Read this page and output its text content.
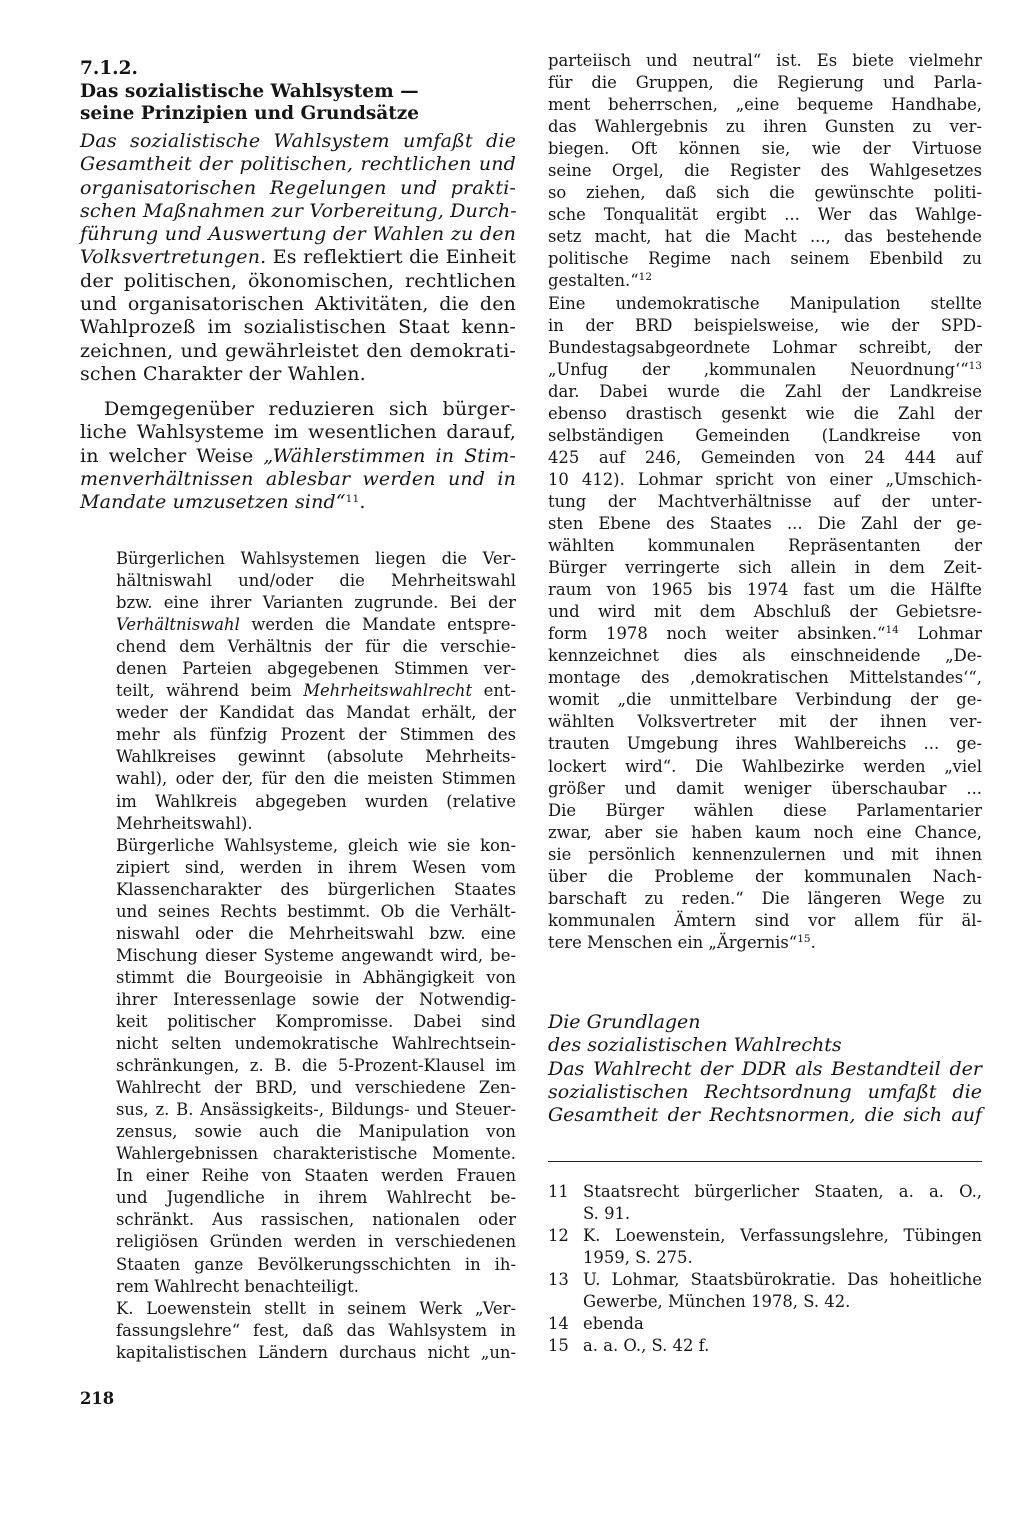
7.1.2.
Das sozialistische Wahlsystem —
seine Prinzipien und Grundsätze
Das sozialistische Wahlsystem umfaßt die
Gesamtheit der politischen, rechtlichen und
organisatorischen Regelungen und prakti-
schen Maßnahmen zur Vorbereitung, Durch-
führung und Auswertung der Wahlen zu den
Volksvertretungen. Es reflektiert die Einheit
der politischen, ökonomischen, rechtlichen
und organisatorischen Aktivitäten, die den
Wahlprozeß im sozialistischen Staat kenn-
zeichnen, und gewährleistet den demokrati-
schen Charakter der Wahlen.
Demgegenüber reduzieren sich bürger-
liche Wahlsysteme im wesentlichen darauf,
in welcher Weise „Wählerstimmen in Stim-
menverhältnissen ablesbar werden und in
Mandate umzusetzen sind“$^{11}$.
Bürgerlichen Wahlsystemen liegen die Ver-
hältniswahl und/oder die Mehrheitswahl
bzw. eine ihrer Varianten zugrunde. Bei der
Verhältniswahl werden die Mandate entspre-
chend dem Verhältnis der für die verschie-
denen Parteien abgegebenen Stimmen ver-
teilt, während beim Mehrheitswahlrecht ent-
weder der Kandidat das Mandat erhält, der
mehr als fünfzig Prozent der Stimmen des
Wahlkreises gewinnt (absolute Mehrheits-
wahl), oder der, für den die meisten Stimmen
im Wahlkreis abgegeben wurden (relative
Mehrheitswahl).
Bürgerliche Wahlsysteme, gleich wie sie kon-
zipiert sind, werden in ihrem Wesen vom
Klassencharakter des bürgerlichen Staates
und seines Rechts bestimmt. Ob die Verhält-
niswahl oder die Mehrheitswahl bzw. eine
Mischung dieser Systeme angewandt wird, be-
stimmt die Bourgeoisie in Abhängigkeit von
ihrer Interessenlage sowie der Notwendig-
keit politischer Kompromisse. Dabei sind
nicht selten undemokratische Wahlrechtsein-
schränkungen, z. B. die 5-Prozent-Klausel im
Wahlrecht der BRD, und verschiedene Zen-
sus, z. B. Ansässigkeits-, Bildungs- und Steuer-
zensus, sowie auch die Manipulation von
Wahlergebnissen charakteristische Momente.
In einer Reihe von Staaten werden Frauen
und Jugendliche in ihrem Wahlrecht be-
schränkt. Aus rassischen, nationalen oder
religiösen Gründen werden in verschiedenen
Staaten ganze Bevölkerungsschichten in ih-
rem Wahlrecht benachteiligt.
K. Loewenstein stellt in seinem Werk „Ver-
fassungslehre“ fest, daß das Wahlsystem in
kapitalistischen Ländern durchaus nicht „un-
parteiisch und neutral“ ist. Es biete vielmehr
für die Gruppen, die Regierung und Parla-
ment beherrschen, „eine bequeme Handhabe,
das Wahlergebnis zu ihren Gunsten zu ver-
biegen. Oft können sie, wie der Virtuose
seine Orgel, die Register des Wahlgesetzes
so ziehen, daß sich die gewünschte politi-
sche Tonqualität ergibt ... Wer das Wahlge-
setz macht, hat die Macht ..., das bestehende
politische Regime nach seinem Ebenbild zu
gestalten.“$^{12}$
Eine undemokratische Manipulation stellte
in der BRD beispielsweise, wie der SPD-
Bundestagsabgeordnete Lohmar schreibt, der
„Unfug der ‚kommunalen Neuordnung‘“$^{13}$
dar. Dabei wurde die Zahl der Landkreise
ebenso drastisch gesenkt wie die Zahl der
selbständigen Gemeinden (Landkreise von
425 auf 246, Gemeinden von 24 444 auf
10 412). Lohmar spricht von einer „Umschich-
tung der Machtverhältnisse auf der unter-
sten Ebene des Staates ... Die Zahl der ge-
wählten kommunalen Repräsentanten der
Bürger verringerte sich allein in dem Zeit-
raum von 1965 bis 1974 fast um die Hälfte
und wird mit dem Abschluß der Gebietsre-
form 1978 noch weiter absinken.“$^{14}$ Lohmar
kennzeichnet dies als einschneidende „De-
montage des ‚demokratischen Mittelstandes‘“,
womit „die unmittelbare Verbindung der ge-
wählten Volksvertreter mit der ihnen ver-
trauten Umgebung ihres Wahlbereichs ... ge-
lockert wird“. Die Wahlbezirke werden „viel
größer und damit weniger überschaubar ...
Die Bürger wählen diese Parlamentarier
zwar, aber sie haben kaum noch eine Chance,
sie persönlich kennenzulernen und mit ihnen
über die Probleme der kommunalen Nach-
barschaft zu reden.“ Die längeren Wege zu
kommunalen Ämtern sind vor allem für äl-
tere Menschen ein „Ärgernis“$^{15}$.
Die Grundlagen
des sozialistischen Wahlrechts
Das Wahlrecht der DDR als Bestandteil der
sozialistischen Rechtsordnung umfaßt die
Gesamtheit der Rechtsnormen, die sich auf
11 Staatsrecht bürgerlicher Staaten, a. a. O.,
S. 91.
12 K. Loewenstein, Verfassungslehre, Tübingen
1959, S. 275.
13 U. Lohmar, Staatsbürokratie. Das hoheitliche
Gewerbe, München 1978, S. 42.
14 ebenda
15 a. a. O., S. 42 f.
218
